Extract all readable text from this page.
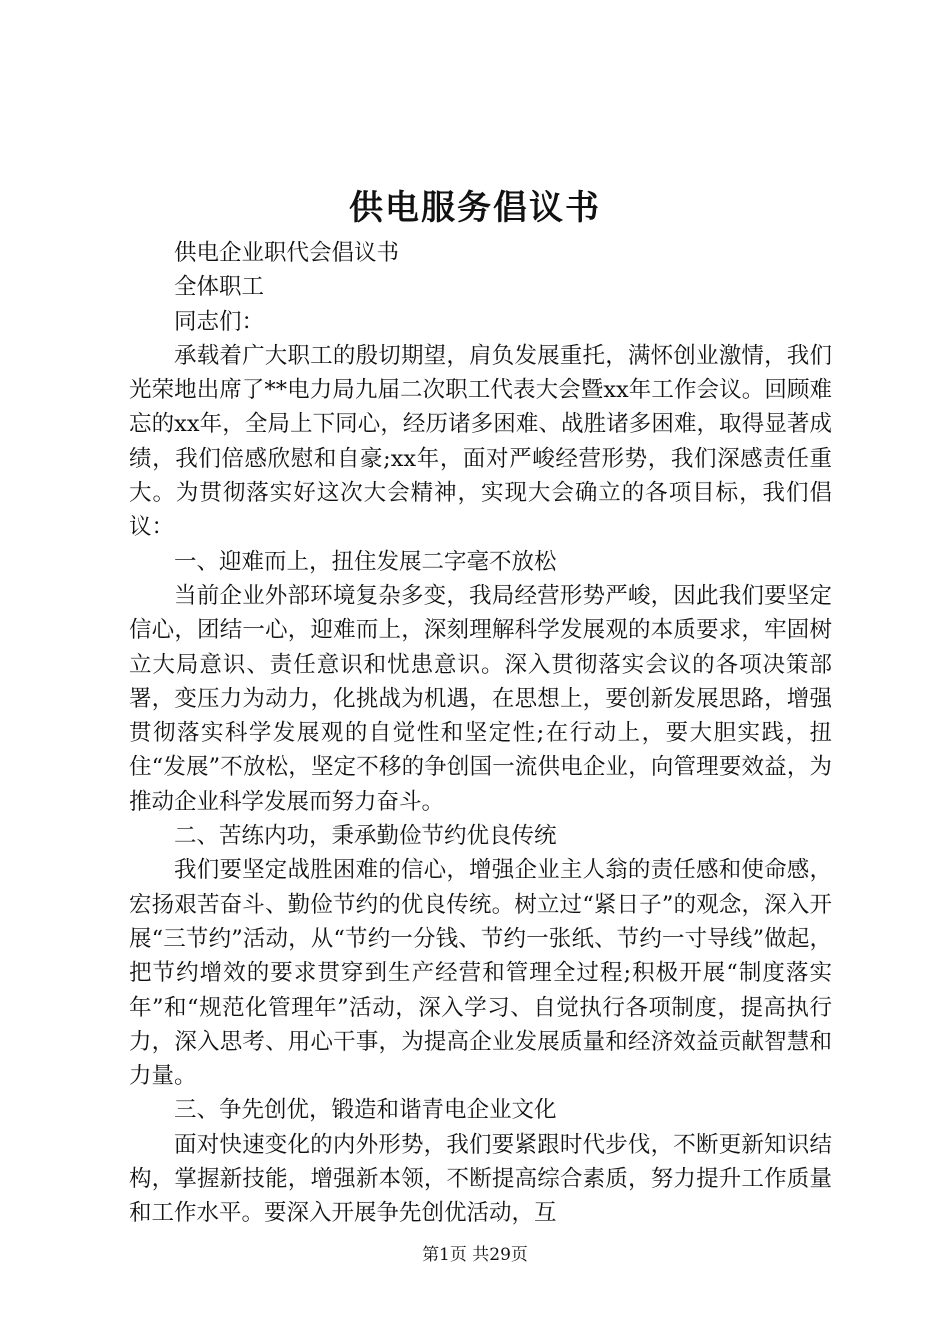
供电服务倡议书

供电企业职代会倡议书

全体职工

同志们：

承载着广大职工的殷切期望，肩负发展重托，满怀创业激情，我们光荣地出席了**电力局九届二次职工代表大会暨xx年工作会议。回顾难忘的xx年，全局上下同心，经历诸多困难、战胜诸多困难，取得显著成绩，我们倍感欣慰和自豪;xx年，面对严峻经营形势，我们深感责任重大。为贯彻落实好这次大会精神，实现大会确立的各项目标，我们倡议：

一、迎难而上，扭住发展二字毫不放松

当前企业外部环境复杂多变，我局经营形势严峻，因此我们要坚定信心，团结一心，迎难而上，深刻理解科学发展观的本质要求，牢固树立大局意识、责任意识和忧患意识。深入贯彻落实会议的各项决策部署，变压力为动力，化挑战为机遇，在思想上，要创新发展思路，增强贯彻落实科学发展观的自觉性和坚定性;在行动上，要大胆实践，扭住“发展”不放松，坚定不移的争创国一流供电企业，向管理要效益，为推动企业科学发展而努力奋斗。

二、苦练内功，秉承勤俭节约优良传统

我们要坚定战胜困难的信心，增强企业主人翁的责任感和使命感，宏扬艰苦奋斗、勤俭节约的优良传统。树立过“紧日子”的观念，深入开展“三节约”活动，从“节约一分钱、节约一张纸、节约一寸导线”做起，把节约增效的要求贯穿到生产经营和管理全过程;积极开展“制度落实年”和“规范化管理年”活动，深入学习、自觉执行各项制度，提高执行力，深入思考、用心干事，为提高企业发展质量和经济效益贡献智慧和力量。

三、争先创优，锻造和谐青电企业文化

面对快速变化的内外形势，我们要紧跟时代步伐，不断更新知识结构，掌握新技能，增强新本领，不断提高综合素质，努力提升工作质量和工作水平。要深入开展争先创优活动，互

第1页 共29页
